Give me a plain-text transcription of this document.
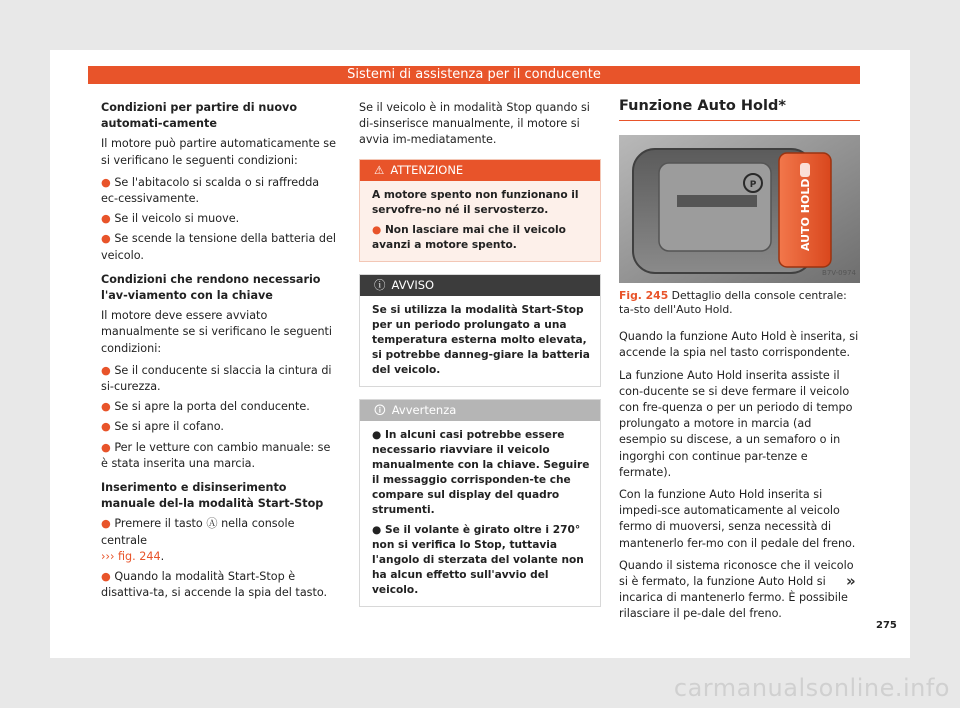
Sistemi di assistenza per il conducente

Condizioni per partire di nuovo automati-camente

Il motore può partire automaticamente se si verificano le seguenti condizioni:

● Se l'abitacolo si scalda o si raffredda ec-cessivamente.

● Se il veicolo si muove.

● Se scende la tensione della batteria del veicolo.

Condizioni che rendono necessario l'av-viamento con la chiave

Il motore deve essere avviato manualmente se si verificano le seguenti condizioni:

● Se il conducente si slaccia la cintura di si-curezza.

● Se si apre la porta del conducente.

● Se si apre il cofano.

● Per le vetture con cambio manuale: se è stata inserita una marcia.

Inserimento e disinserimento manuale del-la modalità Start-Stop

● Premere il tasto Ⓐ nella console centrale
››› fig. 244.

● Quando la modalità Start-Stop è disattiva-ta, si accende la spia del tasto.

Se il veicolo è in modalità Stop quando si di-sinserisce manualmente, il motore si avvia im-mediatamente.

⚠ ATTENZIONE

A motore spento non funzionano il servofre-no né il servosterzo.

● Non lasciare mai che il veicolo avanzi a motore spento.

ⓘ AVVISO

Se si utilizza la modalità Start-Stop per un periodo prolungato a una temperatura esterna molto elevata, si potrebbe danneg-giare la batteria del veicolo.

🛈 Avvertenza

● In alcuni casi potrebbe essere necessario riavviare il veicolo manualmente con la chiave. Seguire il messaggio corrisponden-te che compare sul display del quadro strumenti.

● Se il volante è girato oltre i 270° non si verifica lo Stop, tuttavia l'angolo di sterzata del volante non ha alcun effetto sull'avvio del veicolo.

Funzione Auto Hold*
P	AUTO HOLD
B7V-0974

Fig. 245 Dettaglio della console centrale: ta-sto dell'Auto Hold.

Quando la funzione Auto Hold è inserita, si accende la spia nel tasto corrispondente.

La funzione Auto Hold inserita assiste il con-ducente se si deve fermare il veicolo con fre-quenza o per un periodo di tempo prolungato a motore in marcia (ad esempio su discese, a un semaforo o in ingorghi con continue par-tenze e fermate).

Con la funzione Auto Hold inserita si impedi-sce automaticamente al veicolo fermo di muoversi, senza necessità di mantenerlo fer-mo con il pedale del freno.

Quando il sistema riconosce che il veicolo si è fermato, la funzione Auto Hold si incarica di mantenerlo fermo. È possibile rilasciare il pe-dale del freno.

»
275
carmanualsonline.info
